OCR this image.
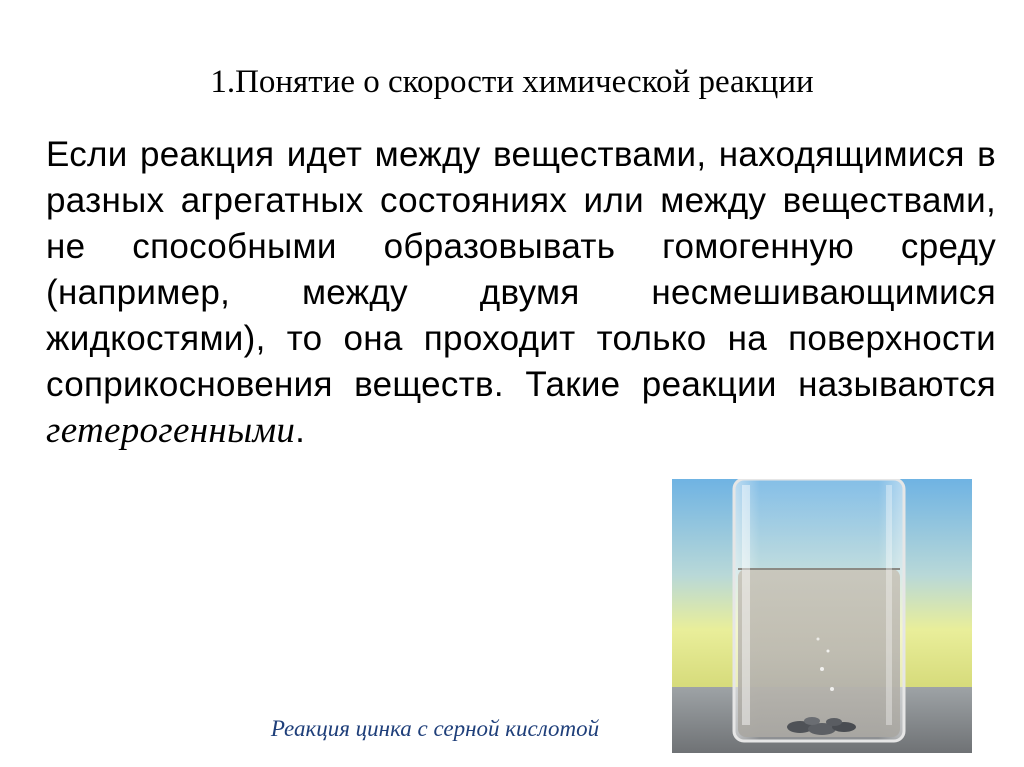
1.Понятие о скорости химической реакции
Если реакция идет между веществами, находящимися в разных агрегатных состояниях или между веществами, не способными образовывать гомогенную среду (например, между двумя несмешивающимися жидкостями), то она проходит только на поверхности соприкосновения веществ. Такие реакции называются гетерогенными.
Реакция цинка с серной кислотой
